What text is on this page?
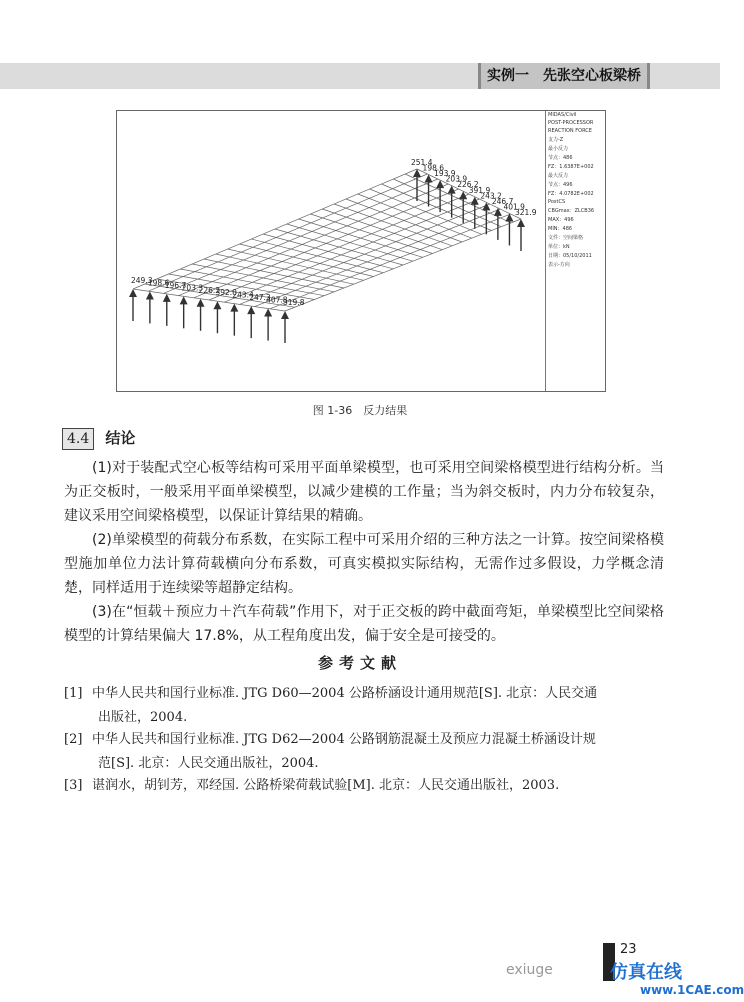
实例一　先张空心板梁桥
249.3
198.6
196.7
203.3
226.2
392.0
243.4
247.3
407.8
319.8
251.4
198.6
193.9
203.9
226.2
391.9
243.2
246.7
401.9
321.9
MIDAS/Civil
POST-PROCESSOR
REACTION FORCE
支力-Z
最小反力
节点：486
FZ：1.6387E+002
最大反力
节点：496
FZ：4.0782E+002
PostCS
CBGmax：ZLCB36
MAX：496
MIN：486
文件：空间梁格
单位：kN
日期：05/10/2011
表示-方向
图 1-36　反力结果
4.4 结论
(1)对于装配式空心板等结构可采用平面单梁模型，也可采用空间梁格模型进行结构分析。当为正交板时，一般采用平面单梁模型，以减少建模的工作量；当为斜交板时，内力分布较复杂，建议采用空间梁格模型，以保证计算结果的精确。
(2)单梁模型的荷载分布系数，在实际工程中可采用介绍的三种方法之一计算。按空间梁格模型施加单位力法计算荷载横向分布系数，可真实模拟实际结构，无需作过多假设，力学概念清楚，同样适用于连续梁等超静定结构。
(3)在“恒载＋预应力＋汽车荷载”作用下，对于正交板的跨中截面弯矩，单梁模型比空间梁格模型的计算结果偏大 17.8%，从工程角度出发，偏于安全是可接受的。
参考文献
[1] 中华人民共和国行业标准. JTG D60—2004 公路桥涵设计通用规范[S]. 北京：人民交通
出版社，2004.
[2] 中华人民共和国行业标准. JTG D62—2004 公路钢筋混凝土及预应力混凝土桥涵设计规
范[S]. 北京：人民交通出版社，2004.
[3] 谌润水，胡钊芳，邓经国. 公路桥梁荷载试验[M]. 北京：人民交通出版社，2003.
23
exiuge	仿真在线
www.1CAE.com
